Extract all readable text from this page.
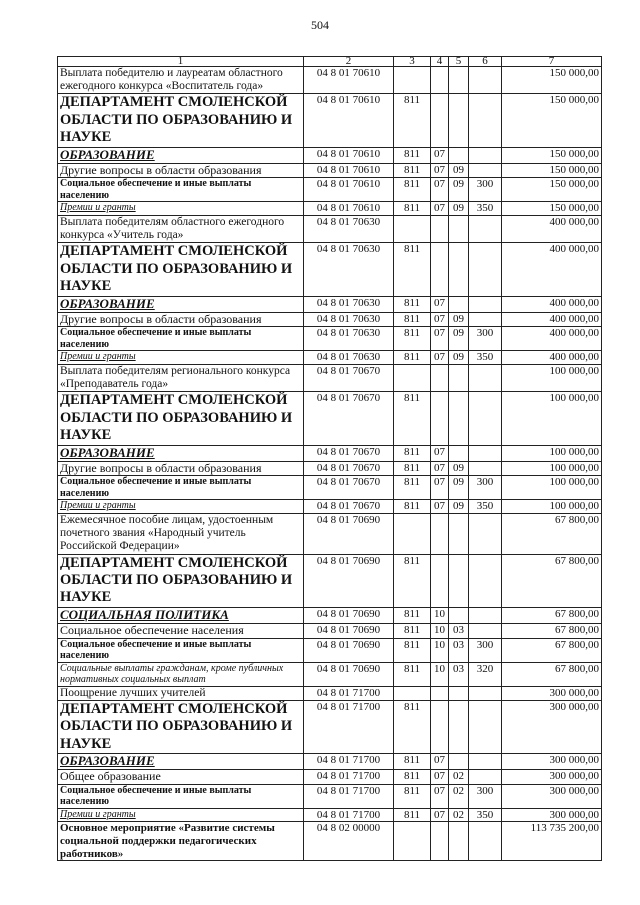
504
1	2	3	4	5	6	7
Выплата победителю и лауреатам областного ежегодного конкурса «Воспитатель года»	04 8 01 70610					150 000,00
ДЕПАРТАМЕНТ СМОЛЕНСКОЙ ОБЛАСТИ ПО ОБРАЗОВАНИЮ И НАУКЕ	04 8 01 70610	811				150 000,00
ОБРАЗОВАНИЕ	04 8 01 70610	811	07			150 000,00
Другие вопросы в области образования	04 8 01 70610	811	07	09		150 000,00
Социальное обеспечение и иные выплаты населению	04 8 01 70610	811	07	09	300	150 000,00
Премии и гранты	04 8 01 70610	811	07	09	350	150 000,00
Выплата победителям областного ежегодного конкурса «Учитель года»	04 8 01 70630					400 000,00
ДЕПАРТАМЕНТ СМОЛЕНСКОЙ ОБЛАСТИ ПО ОБРАЗОВАНИЮ И НАУКЕ	04 8 01 70630	811				400 000,00
ОБРАЗОВАНИЕ	04 8 01 70630	811	07			400 000,00
Другие вопросы в области образования	04 8 01 70630	811	07	09		400 000,00
Социальное обеспечение и иные выплаты населению	04 8 01 70630	811	07	09	300	400 000,00
Премии и гранты	04 8 01 70630	811	07	09	350	400 000,00
Выплата победителям регионального конкурса «Преподаватель года»	04 8 01 70670					100 000,00
ДЕПАРТАМЕНТ СМОЛЕНСКОЙ ОБЛАСТИ ПО ОБРАЗОВАНИЮ И НАУКЕ	04 8 01 70670	811				100 000,00
ОБРАЗОВАНИЕ	04 8 01 70670	811	07			100 000,00
Другие вопросы в области образования	04 8 01 70670	811	07	09		100 000,00
Социальное обеспечение и иные выплаты населению	04 8 01 70670	811	07	09	300	100 000,00
Премии и гранты	04 8 01 70670	811	07	09	350	100 000,00
Ежемесячное пособие лицам, удостоенным почетного звания «Народный учитель Российской Федерации»	04 8 01 70690					67 800,00
ДЕПАРТАМЕНТ СМОЛЕНСКОЙ ОБЛАСТИ ПО ОБРАЗОВАНИЮ И НАУКЕ	04 8 01 70690	811				67 800,00
СОЦИАЛЬНАЯ ПОЛИТИКА	04 8 01 70690	811	10			67 800,00
Социальное обеспечение населения	04 8 01 70690	811	10	03		67 800,00
Социальное обеспечение и иные выплаты населению	04 8 01 70690	811	10	03	300	67 800,00
Социальные выплаты гражданам, кроме публичных нормативных социальных выплат	04 8 01 70690	811	10	03	320	67 800,00
Поощрение лучших учителей	04 8 01 71700					300 000,00
ДЕПАРТАМЕНТ СМОЛЕНСКОЙ ОБЛАСТИ ПО ОБРАЗОВАНИЮ И НАУКЕ	04 8 01 71700	811				300 000,00
ОБРАЗОВАНИЕ	04 8 01 71700	811	07			300 000,00
Общее образование	04 8 01 71700	811	07	02		300 000,00
Социальное обеспечение и иные выплаты населению	04 8 01 71700	811	07	02	300	300 000,00
Премии и гранты	04 8 01 71700	811	07	02	350	300 000,00
Основное мероприятие «Развитие системы социальной поддержки педагогических работников»	04 8 02 00000					113 735 200,00
